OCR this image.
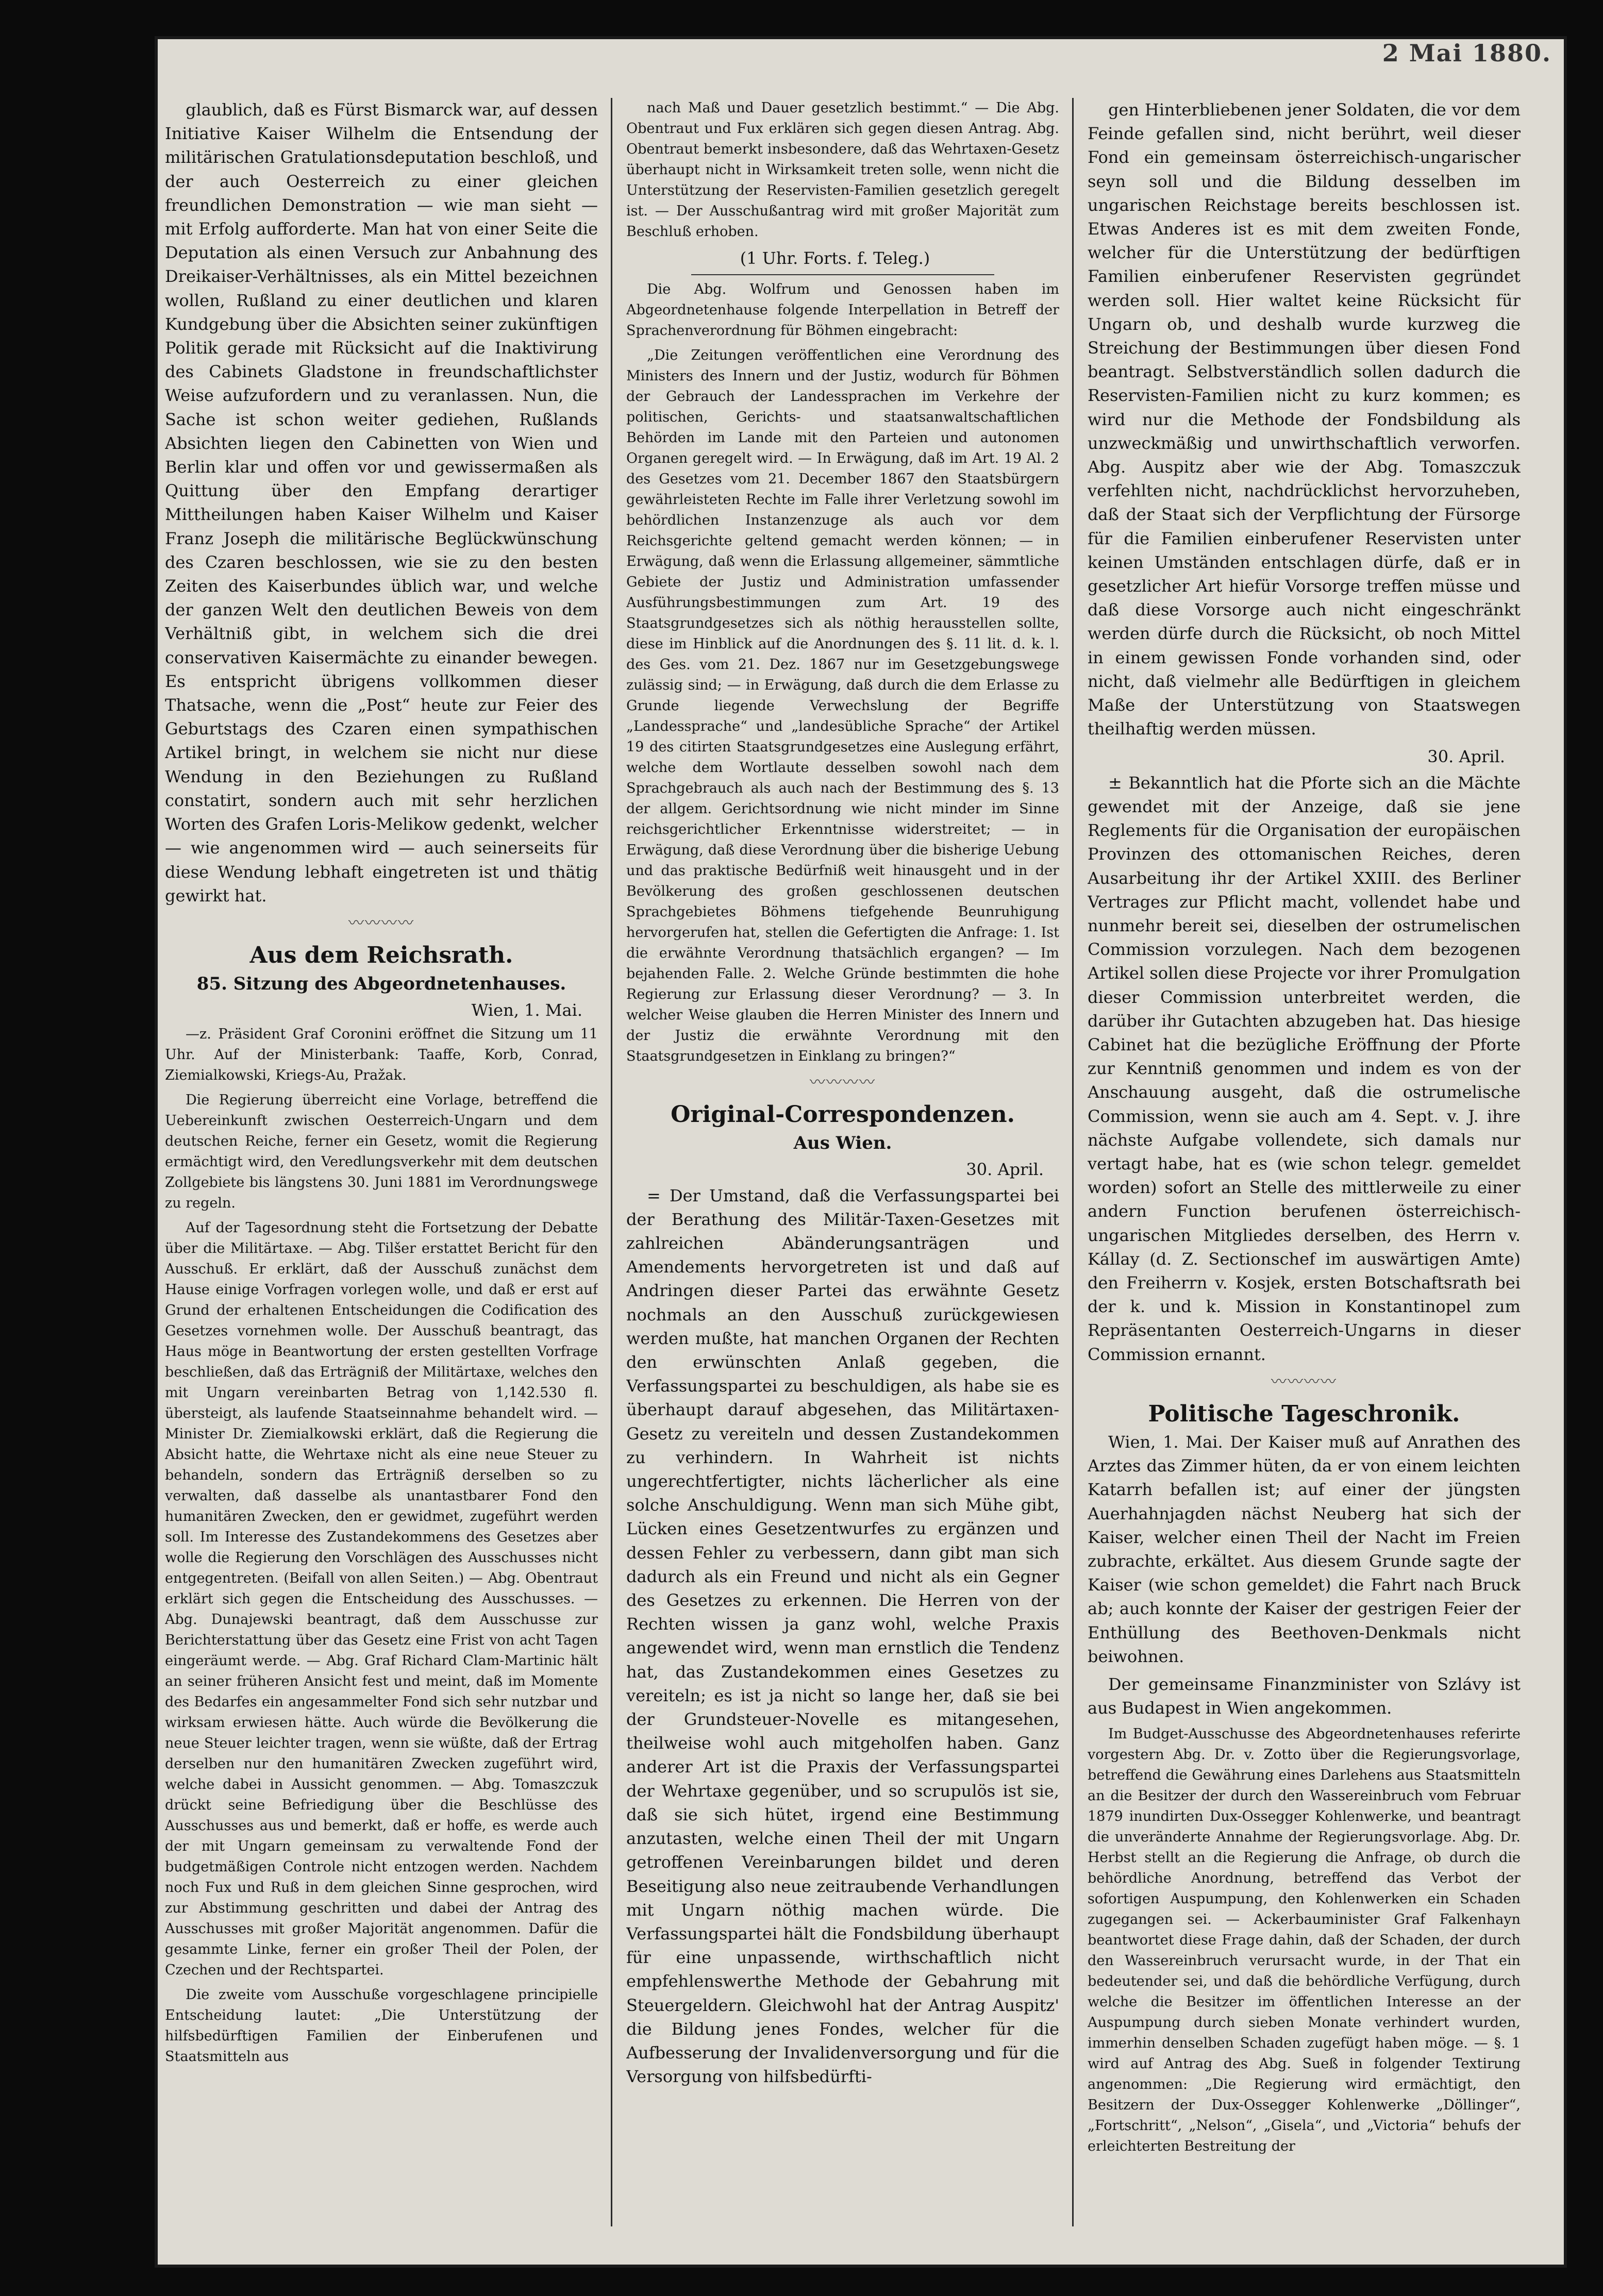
2 Mai 1880.

glaublich, daß es Fürst Bismarck war, auf dessen Initiative Kaiser Wilhelm die Entsendung der militärischen Gratulationsdeputation beschloß, und der auch Oesterreich zu einer gleichen freundlichen Demonstration — wie man sieht — mit Erfolg aufforderte. Man hat von einer Seite die Deputation als einen Versuch zur Anbahnung des Dreikaiser-Verhältnisses, als ein Mittel bezeichnen wollen, Rußland zu einer deutlichen und klaren Kundgebung über die Absichten seiner zukünftigen Politik gerade mit Rücksicht auf die Inaktivirung des Cabinets Gladstone in freundschaftlichster Weise aufzufordern und zu veranlassen. Nun, die Sache ist schon weiter gediehen, Rußlands Absichten liegen den Cabinetten von Wien und Berlin klar und offen vor und gewissermaßen als Quittung über den Empfang derartiger Mittheilungen haben Kaiser Wilhelm und Kaiser Franz Joseph die militärische Beglückwünschung des Czaren beschlossen, wie sie zu den besten Zeiten des Kaiserbundes üblich war, und welche der ganzen Welt den deutlichen Beweis von dem Verhältniß gibt, in welchem sich die drei conservativen Kaisermächte zu einander bewegen. Es entspricht übrigens vollkommen dieser Thatsache, wenn die „Post“ heute zur Feier des Geburtstags des Czaren einen sympathischen Artikel bringt, in welchem sie nicht nur diese Wendung in den Beziehungen zu Rußland constatirt, sondern auch mit sehr herzlichen Worten des Grafen Loris-Melikow gedenkt, welcher — wie angenommen wird — auch seinerseits für diese Wendung lebhaft eingetreten ist und thätig gewirkt hat.

〰〰〰〰
Aus dem Reichsrath.
85. Sitzung des Abgeordnetenhauses.
Wien, 1. Mai.

—z. Präsident Graf Coronini eröffnet die Sitzung um 11 Uhr. Auf der Ministerbank: Taaffe, Korb, Conrad, Ziemialkowski, Kriegs-Au, Pražak.

Die Regierung überreicht eine Vorlage, betreffend die Uebereinkunft zwischen Oesterreich-Ungarn und dem deutschen Reiche, ferner ein Gesetz, womit die Regierung ermächtigt wird, den Veredlungsverkehr mit dem deutschen Zollgebiete bis längstens 30. Juni 1881 im Verordnungswege zu regeln.

Auf der Tagesordnung steht die Fortsetzung der Debatte über die Militärtaxe. — Abg. Tilšer erstattet Bericht für den Ausschuß. Er erklärt, daß der Ausschuß zunächst dem Hause einige Vorfragen vorlegen wolle, und daß er erst auf Grund der erhaltenen Entscheidungen die Codification des Gesetzes vornehmen wolle. Der Ausschuß beantragt, das Haus möge in Beantwortung der ersten gestellten Vorfrage beschließen, daß das Erträgniß der Militärtaxe, welches den mit Ungarn vereinbarten Betrag von 1,142.530 fl. übersteigt, als laufende Staatseinnahme behandelt wird. — Minister Dr. Ziemialkowski erklärt, daß die Regierung die Absicht hatte, die Wehrtaxe nicht als eine neue Steuer zu behandeln, sondern das Erträgniß derselben so zu verwalten, daß dasselbe als unantastbarer Fond den humanitären Zwecken, den er gewidmet, zugeführt werden soll. Im Interesse des Zustandekommens des Gesetzes aber wolle die Regierung den Vorschlägen des Ausschusses nicht entgegentreten. (Beifall von allen Seiten.) — Abg. Obentraut erklärt sich gegen die Entscheidung des Ausschusses. — Abg. Dunajewski beantragt, daß dem Ausschusse zur Berichterstattung über das Gesetz eine Frist von acht Tagen eingeräumt werde. — Abg. Graf Richard Clam-Martinic hält an seiner früheren Ansicht fest und meint, daß im Momente des Bedarfes ein angesammelter Fond sich sehr nutzbar und wirksam erwiesen hätte. Auch würde die Bevölkerung die neue Steuer leichter tragen, wenn sie wüßte, daß der Ertrag derselben nur den humanitären Zwecken zugeführt wird, welche dabei in Aussicht genommen. — Abg. Tomaszczuk drückt seine Befriedigung über die Beschlüsse des Ausschusses aus und bemerkt, daß er hoffe, es werde auch der mit Ungarn gemeinsam zu verwaltende Fond der budgetmäßigen Controle nicht entzogen werden. Nachdem noch Fux und Ruß in dem gleichen Sinne gesprochen, wird zur Abstimmung geschritten und dabei der Antrag des Ausschusses mit großer Majorität angenommen. Dafür die gesammte Linke, ferner ein großer Theil der Polen, der Czechen und der Rechtspartei.

Die zweite vom Ausschuße vorgeschlagene principielle Entscheidung lautet: „Die Unterstützung der hilfsbedürftigen Familien der Einberufenen und Staatsmitteln aus

nach Maß und Dauer gesetzlich bestimmt.“ — Die Abg. Obentraut und Fux erklären sich gegen diesen Antrag. Abg. Obentraut bemerkt insbesondere, daß das Wehrtaxen-Gesetz überhaupt nicht in Wirksamkeit treten solle, wenn nicht die Unterstützung der Reservisten-Familien gesetzlich geregelt ist. — Der Ausschußantrag wird mit großer Majorität zum Beschluß erhoben.

(1 Uhr. Forts. f. Teleg.)

Die Abg. Wolfrum und Genossen haben im Abgeordnetenhause folgende Interpellation in Betreff der Sprachenverordnung für Böhmen eingebracht:

„Die Zeitungen veröffentlichen eine Verordnung des Ministers des Innern und der Justiz, wodurch für Böhmen der Gebrauch der Landessprachen im Verkehre der politischen, Gerichts- und staatsanwaltschaftlichen Behörden im Lande mit den Parteien und autonomen Organen geregelt wird. — In Erwägung, daß im Art. 19 Al. 2 des Gesetzes vom 21. December 1867 den Staatsbürgern gewährleisteten Rechte im Falle ihrer Verletzung sowohl im behördlichen Instanzenzuge als auch vor dem Reichsgerichte geltend gemacht werden können; — in Erwägung, daß wenn die Erlassung allgemeiner, sämmtliche Gebiete der Justiz und Administration umfassender Ausführungsbestimmungen zum Art. 19 des Staatsgrundgesetzes sich als nöthig herausstellen sollte, diese im Hinblick auf die Anordnungen des §. 11 lit. d. k. l. des Ges. vom 21. Dez. 1867 nur im Gesetzgebungswege zulässig sind; — in Erwägung, daß durch die dem Erlasse zu Grunde liegende Verwechslung der Begriffe „Landessprache“ und „landesübliche Sprache“ der Artikel 19 des citirten Staatsgrundgesetzes eine Auslegung erfährt, welche dem Wortlaute desselben sowohl nach dem Sprachgebrauch als auch nach der Bestimmung des §. 13 der allgem. Gerichtsordnung wie nicht minder im Sinne reichsgerichtlicher Erkenntnisse widerstreitet; — in Erwägung, daß diese Verordnung über die bisherige Uebung und das praktische Bedürfniß weit hinausgeht und in der Bevölkerung des großen geschlossenen deutschen Sprachgebietes Böhmens tiefgehende Beunruhigung hervorgerufen hat, stellen die Gefertigten die Anfrage: 1. Ist die erwähnte Verordnung thatsächlich ergangen? — Im bejahenden Falle. 2. Welche Gründe bestimmten die hohe Regierung zur Erlassung dieser Verordnung? — 3. In welcher Weise glauben die Herren Minister des Innern und der Justiz die erwähnte Verordnung mit den Staatsgrundgesetzen in Einklang zu bringen?“

〰〰〰〰
Original-Correspondenzen.
Aus Wien.
30. April.

= Der Umstand, daß die Verfassungspartei bei der Berathung des Militär-Taxen-Gesetzes mit zahlreichen Abänderungsanträgen und Amendements hervorgetreten ist und daß auf Andringen dieser Partei das erwähnte Gesetz nochmals an den Ausschuß zurückgewiesen werden mußte, hat manchen Organen der Rechten den erwünschten Anlaß gegeben, die Verfassungspartei zu beschuldigen, als habe sie es überhaupt darauf abgesehen, das Militärtaxen-Gesetz zu vereiteln und dessen Zustandekommen zu verhindern. In Wahrheit ist nichts ungerechtfertigter, nichts lächerlicher als eine solche Anschuldigung. Wenn man sich Mühe gibt, Lücken eines Gesetzentwurfes zu ergänzen und dessen Fehler zu verbessern, dann gibt man sich dadurch als ein Freund und nicht als ein Gegner des Gesetzes zu erkennen. Die Herren von der Rechten wissen ja ganz wohl, welche Praxis angewendet wird, wenn man ernstlich die Tendenz hat, das Zustandekommen eines Gesetzes zu vereiteln; es ist ja nicht so lange her, daß sie bei der Grundsteuer-Novelle es mitangesehen, theilweise wohl auch mitgeholfen haben. Ganz anderer Art ist die Praxis der Verfassungspartei der Wehrtaxe gegenüber, und so scrupulös ist sie, daß sie sich hütet, irgend eine Bestimmung anzutasten, welche einen Theil der mit Ungarn getroffenen Vereinbarungen bildet und deren Beseitigung also neue zeitraubende Verhandlungen mit Ungarn nöthig machen würde. Die Verfassungspartei hält die Fondsbildung überhaupt für eine unpassende, wirthschaftlich nicht empfehlenswerthe Methode der Gebahrung mit Steuergeldern. Gleichwohl hat der Antrag Auspitz' die Bildung jenes Fondes, welcher für die Aufbesserung der Invalidenversorgung und für die Versorgung von hilfsbedürfti-

gen Hinterbliebenen jener Soldaten, die vor dem Feinde gefallen sind, nicht berührt, weil dieser Fond ein gemeinsam österreichisch-ungarischer seyn soll und die Bildung desselben im ungarischen Reichstage bereits beschlossen ist. Etwas Anderes ist es mit dem zweiten Fonde, welcher für die Unterstützung der bedürftigen Familien einberufener Reservisten gegründet werden soll. Hier waltet keine Rücksicht für Ungarn ob, und deshalb wurde kurzweg die Streichung der Bestimmungen über diesen Fond beantragt. Selbstverständlich sollen dadurch die Reservisten-Familien nicht zu kurz kommen; es wird nur die Methode der Fondsbildung als unzweckmäßig und unwirthschaftlich verworfen. Abg. Auspitz aber wie der Abg. Tomaszczuk verfehlten nicht, nachdrücklichst hervorzuheben, daß der Staat sich der Verpflichtung der Fürsorge für die Familien einberufener Reservisten unter keinen Umständen entschlagen dürfe, daß er in gesetzlicher Art hiefür Vorsorge treffen müsse und daß diese Vorsorge auch nicht eingeschränkt werden dürfe durch die Rücksicht, ob noch Mittel in einem gewissen Fonde vorhanden sind, oder nicht, daß vielmehr alle Bedürftigen in gleichem Maße der Unterstützung von Staatswegen theilhaftig werden müssen.

30. April.

± Bekanntlich hat die Pforte sich an die Mächte gewendet mit der Anzeige, daß sie jene Reglements für die Organisation der europäischen Provinzen des ottomanischen Reiches, deren Ausarbeitung ihr der Artikel XXIII. des Berliner Vertrages zur Pflicht macht, vollendet habe und nunmehr bereit sei, dieselben der ostrumelischen Commission vorzulegen. Nach dem bezogenen Artikel sollen diese Projecte vor ihrer Promulgation dieser Commission unterbreitet werden, die darüber ihr Gutachten abzugeben hat. Das hiesige Cabinet hat die bezügliche Eröffnung der Pforte zur Kenntniß genommen und indem es von der Anschauung ausgeht, daß die ostrumelische Commission, wenn sie auch am 4. Sept. v. J. ihre nächste Aufgabe vollendete, sich damals nur vertagt habe, hat es (wie schon telegr. gemeldet worden) sofort an Stelle des mittlerweile zu einer andern Function berufenen österreichisch-ungarischen Mitgliedes derselben, des Herrn v. Kállay (d. Z. Sectionschef im auswärtigen Amte) den Freiherrn v. Kosjek, ersten Botschaftsrath bei der k. und k. Mission in Konstantinopel zum Repräsentanten Oesterreich-Ungarns in dieser Commission ernannt.

〰〰〰〰
Politische Tageschronik.

Wien, 1. Mai. Der Kaiser muß auf Anrathen des Arztes das Zimmer hüten, da er von einem leichten Katarrh befallen ist; auf einer der jüngsten Auerhahnjagden nächst Neuberg hat sich der Kaiser, welcher einen Theil der Nacht im Freien zubrachte, erkältet. Aus diesem Grunde sagte der Kaiser (wie schon gemeldet) die Fahrt nach Bruck ab; auch konnte der Kaiser der gestrigen Feier der Enthüllung des Beethoven-Denkmals nicht beiwohnen.

Der gemeinsame Finanzminister von Szlávy ist aus Budapest in Wien angekommen.

Im Budget-Ausschusse des Abgeordnetenhauses referirte vorgestern Abg. Dr. v. Zotto über die Regierungsvorlage, betreffend die Gewährung eines Darlehens aus Staatsmitteln an die Besitzer der durch den Wassereinbruch vom Februar 1879 inundirten Dux-Ossegger Kohlenwerke, und beantragt die unveränderte Annahme der Regierungsvorlage. Abg. Dr. Herbst stellt an die Regierung die Anfrage, ob durch die behördliche Anordnung, betreffend das Verbot der sofortigen Auspumpung, den Kohlenwerken ein Schaden zugegangen sei. — Ackerbauminister Graf Falkenhayn beantwortet diese Frage dahin, daß der Schaden, der durch den Wassereinbruch verursacht wurde, in der That ein bedeutender sei, und daß die behördliche Verfügung, durch welche die Besitzer im öffentlichen Interesse an der Auspumpung durch sieben Monate verhindert wurden, immerhin denselben Schaden zugefügt haben möge. — §. 1 wird auf Antrag des Abg. Sueß in folgender Textirung angenommen: „Die Regierung wird ermächtigt, den Besitzern der Dux-Ossegger Kohlenwerke „Döllinger“, „Fortschritt“, „Nelson“, „Gisela“, und „Victoria“ behufs der erleichterten Bestreitung der
